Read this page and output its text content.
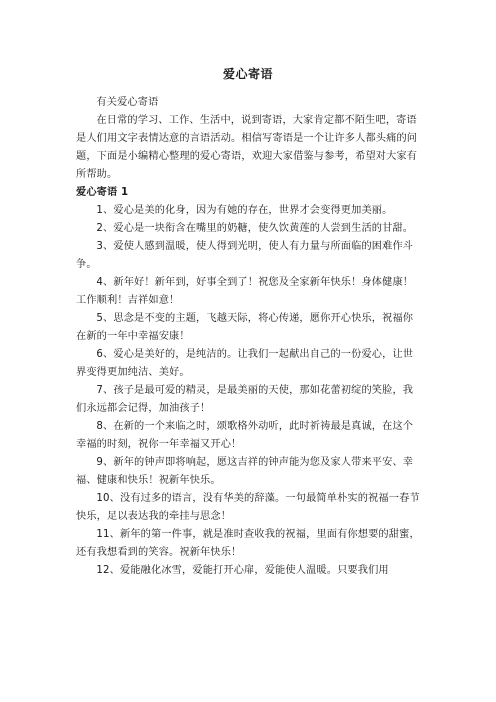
爱心寄语

有关爱心寄语

在日常的学习、工作、生活中，说到寄语，大家肯定都不陌生吧，寄语是人们用文字表情达意的言语活动。相信写寄语是一个让许多人都头痛的问题，下面是小编精心整理的爱心寄语，欢迎大家借鉴与参考，希望对大家有所帮助。

爱心寄语 1

1、爱心是美的化身，因为有她的存在，世界才会变得更加美丽。

2、爱心是一块衔含在嘴里的奶糖，使久饮黄莲的人尝到生活的甘甜。

3、爱使人感到温暖，使人得到光明，使人有力量与所面临的困难作斗争。

4、新年好！新年到，好事全到了！祝您及全家新年快乐！身体健康！工作顺利！吉祥如意！

5、思念是不变的主题，飞越天际，将心传递，愿你开心快乐，祝福你在新的一年中幸福安康！

6、爱心是美好的，是纯洁的。让我们一起献出自己的一份爱心，让世界变得更加纯洁、美好。

7、孩子是最可爱的精灵，是最美丽的天使，那如花蕾初绽的笑脸，我们永远都会记得，加油孩子！

8、在新的一个来临之时，颂歌格外动听，此时祈祷最是真诚，在这个幸福的时刻，祝你一年幸福又开心！

9、新年的钟声即将响起，愿这吉祥的钟声能为您及家人带来平安、幸福、健康和快乐！祝新年快乐。

10、没有过多的语言，没有华美的辞藻。一句最简单朴实的祝福一春节快乐，足以表达我的牵挂与思念！

11、新年的第一件事，就是准时查收我的祝福，里面有你想要的甜蜜，还有我想看到的笑容。祝新年快乐！

12、爱能融化冰雪，爱能打开心扉，爱能使人温暖。只要我们用
